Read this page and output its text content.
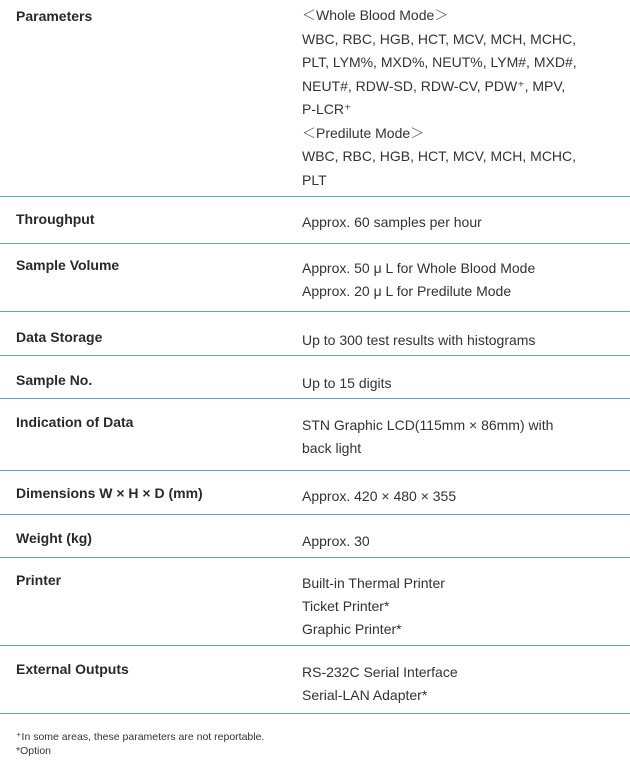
Parameters	＜Whole Blood Mode＞
WBC, RBC, HGB, HCT, MCV, MCH, MCHC,
PLT, LYM%, MXD%, NEUT%, LYM#, MXD#,
NEUT#, RDW-SD, RDW-CV, PDW⁺, MPV,
P-LCR⁺
＜Predilute Mode＞
WBC, RBC, HGB, HCT, MCV, MCH, MCHC,
PLT
Throughput	Approx. 60 samples per hour
Sample Volume	Approx. 50 μ L for Whole Blood Mode
Approx. 20 μ L for Predilute Mode
Data Storage	Up to 300 test results with histograms
Sample No.	Up to 15 digits
Indication of Data	STN Graphic LCD(115mm × 86mm) with
back light
Dimensions W × H × D (mm)	Approx. 420 × 480 × 355
Weight (kg)	Approx. 30
Printer	Built-in Thermal Printer
Ticket Printer*
Graphic Printer*
External Outputs	RS-232C Serial Interface
Serial-LAN Adapter*
⁺In some areas, these parameters are not reportable.
*Option
